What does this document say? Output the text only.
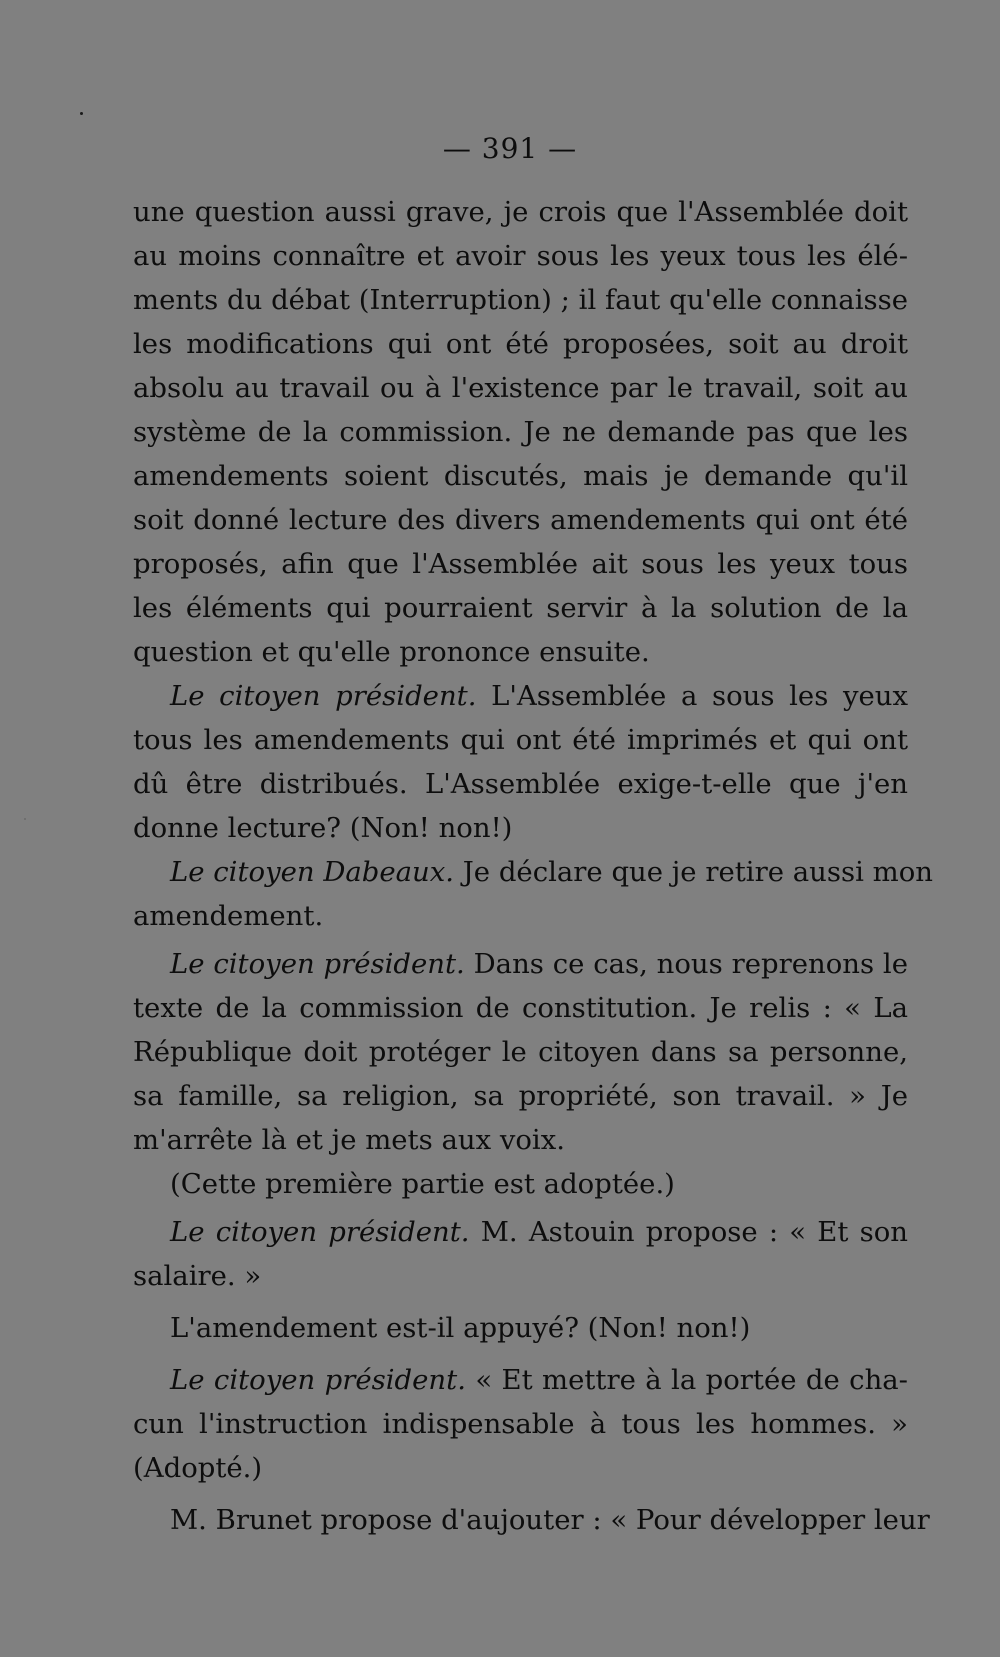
— 391 —
une question aussi grave, je crois que l'Assemblée doit
au moins connaître et avoir sous les yeux tous les élé-
ments du débat (Interruption) ; il faut qu'elle connaisse
les modifications qui ont été proposées, soit au droit
absolu au travail ou à l'existence par le travail, soit au
système de la commission. Je ne demande pas que les
amendements soient discutés, mais je demande qu'il
soit donné lecture des divers amendements qui ont été
proposés, afin que l'Assemblée ait sous les yeux tous
les éléments qui pourraient servir à la solution de la
question et qu'elle prononce ensuite.
Le citoyen président. L'Assemblée a sous les yeux
tous les amendements qui ont été imprimés et qui ont
dû être distribués. L'Assemblée exige-t-elle que j'en
donne lecture? (Non! non!)
Le citoyen Dabeaux. Je déclare que je retire aussi mon
amendement.
Le citoyen président. Dans ce cas, nous reprenons le
texte de la commission de constitution. Je relis : « La
République doit protéger le citoyen dans sa personne,
sa famille, sa religion, sa propriété, son travail. » Je
m'arrête là et je mets aux voix.
(Cette première partie est adoptée.)
Le citoyen président. M. Astouin propose : « Et son
salaire. »
L'amendement est-il appuyé? (Non! non!)
Le citoyen président. « Et mettre à la portée de cha-
cun l'instruction indispensable à tous les hommes. »
(Adopté.)
M. Brunet propose d'aujouter : « Pour développer leur
